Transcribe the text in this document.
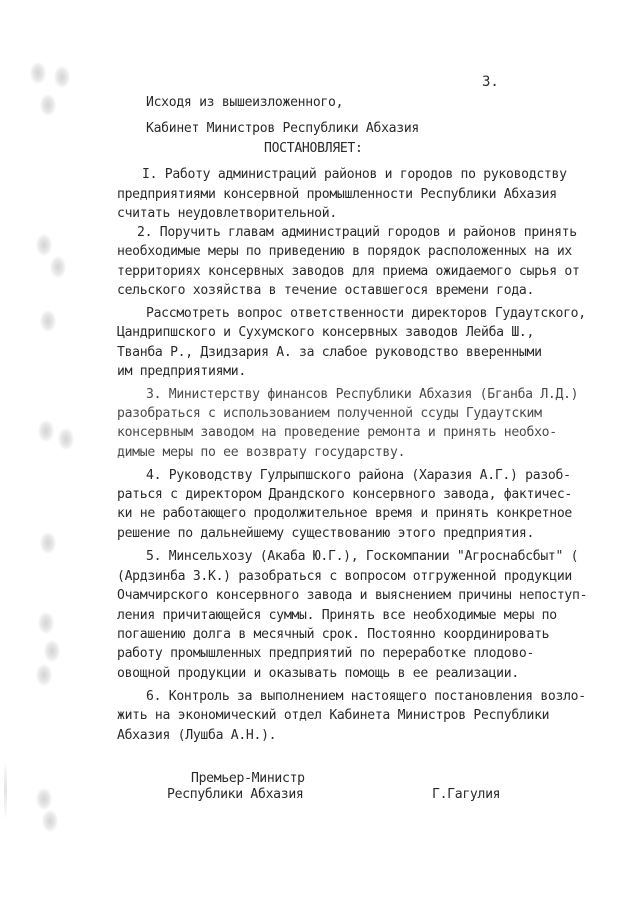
3.
Исходя из вышеизложенного,
Кабинет Министров Республики Абхазия
ПОСТАНОВЛЯЕТ:
I. Работу администраций районов и городов по руководству
предприятиями консервной промышленности Республики Абхазия
считать неудовлетворительной.
2. Поручить главам администраций городов и районов принять
необходимые меры по приведению в порядок расположенных на их
территориях консервных заводов для приема ожидаемого сырья от
сельского хозяйства в течение оставшегося времени года.
Рассмотреть вопрос ответственности директоров Гудаутского,
Цандрипшского и Сухумского консервных заводов Лейба Ш.,
Тванба Р., Дзидзария А. за слабое руководство вверенными
им предприятиями.
3. Министерству финансов Республики Абхазия (Бганба Л.Д.)
разобраться с использованием полученной ссуды Гудаутским
консервным заводом на проведение ремонта и принять необхо-
димые меры по ее возврату государству.
4. Руководству Гулрыпшского района (Харазия А.Г.) разоб-
раться с директором Драндского консервного завода, фактичес-
ки не работающего продолжительное время и принять конкретное
решение по дальнейшему существованию этого предприятия.
5. Минсельхозу (Акаба Ю.Г.), Госкомпании "Агроснабсбыт" (
(Ардзинба З.К.) разобраться с вопросом отгруженной продукции
Очамчирского консервного завода и выяснением причины непоступ-
ления причитающейся суммы. Принять все необходимые меры по
погашению долга в месячный срок. Постоянно координировать
работу промышленных предприятий по переработке плодово-
овощной продукции и оказывать помощь в ее реализации.
6. Контроль за выполнением настоящего постановления возло-
жить на экономический отдел Кабинета Министров Республики
Абхазия (Лушба А.Н.).
Премьер-Министр
Республики Абхазия	Г.Гагулия
